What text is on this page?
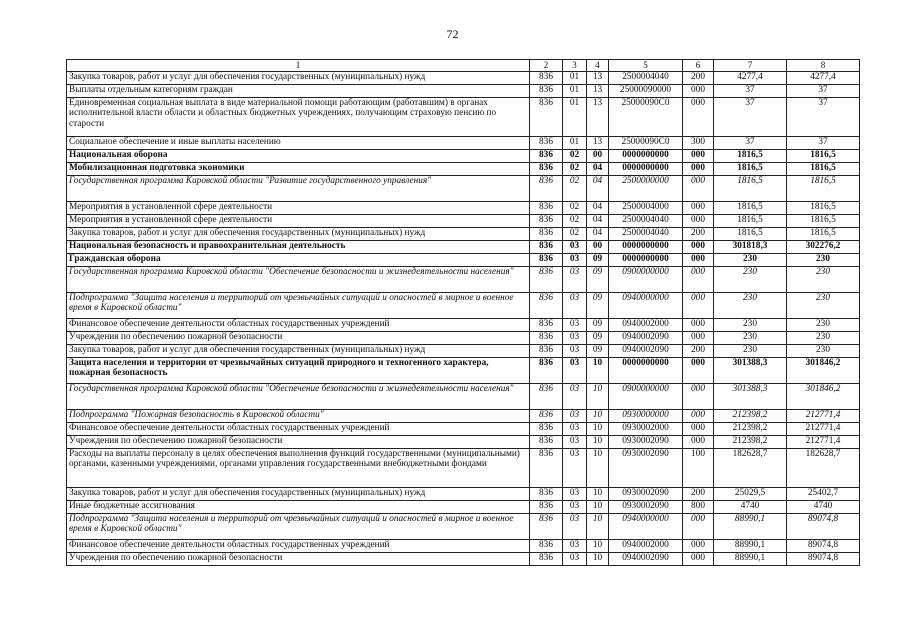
72
1	2	3	4	5	6	7	8
Закупка товаров, работ и услуг для обеспечения государственных (муниципальных) нужд	836	01	13	2500004040	200	4277,4	4277,4
Выплаты отдельным категориям граждан	836	01	13	25000090000	000	37	37
Единовременная социальная выплата в виде материальной помощи работающим (работавшим) в органах исполнительной власти области и областных бюджетных учреждениях, получающим страховую пенсию по старости	836	01	13	25000090С0	000	37	37
Социальное обеспечение и иные выплаты населению	836	01	13	25000090С0	300	37	37
Национальная оборона	836	02	00	0000000000	000	1816,5	1816,5
Мобилизационная подготовка экономики	836	02	04	0000000000	000	1816,5	1816,5
Государственная программа Кировской области "Развитие государственного управления"	836	02	04	2500000000	000	1816,5	1816,5
Мероприятия в установленной сфере деятельности	836	02	04	2500004000	000	1816,5	1816,5
Мероприятия в установленной сфере деятельности	836	02	04	2500004040	000	1816,5	1816,5
Закупка товаров, работ и услуг для обеспечения государственных (муниципальных) нужд	836	02	04	2500004040	200	1816,5	1816,5
Национальная безопасность и правоохранительная деятельность	836	03	00	0000000000	000	301818,3	302276,2
Гражданская оборона	836	03	09	0000000000	000	230	230
Государственная программа Кировской области "Обеспечение безопасности и жизнедеятельности населения"	836	03	09	0900000000	000	230	230
Подпрограмма "Защита населения и территорий от чрезвычайных ситуаций и опасностей в мирное и военное время в Кировской области"	836	03	09	0940000000	000	230	230
Финансовое обеспечение деятельности областных государственных учреждений	836	03	09	0940002000	000	230	230
Учреждения по обеспечению пожарной безопасности	836	03	09	0940002090	000	230	230
Закупка товаров, работ и услуг для обеспечения государственных (муниципальных) нужд	836	03	09	0940002090	200	230	230
Защита населения и территории от чрезвычайных ситуаций природного и техногенного характера, пожарная безопасность	836	03	10	0000000000	000	301388,3	301846,2
Государственная программа Кировской области "Обеспечение безопасности и жизнедеятельности населения"	836	03	10	0900000000	000	301388,3	301846,2
Подпрограмма "Пожарная безопасность в Кировской области"	836	03	10	0930000000	000	212398,2	212771,4
Финансовое обеспечение деятельности областных государственных учреждений	836	03	10	0930002000	000	212398,2	212771,4
Учреждения по обеспечению пожарной безопасности	836	03	10	0930002090	000	212398,2	212771,4
Расходы на выплаты персоналу в целях обеспечения выполнения функций государственными (муниципальными) органами, казенными учреждениями, органами управления государственными внебюджетными фондами	836	03	10	0930002090	100	182628,7	182628,7
Закупка товаров, работ и услуг для обеспечения государственных (муниципальных) нужд	836	03	10	0930002090	200	25029,5	25402,7
Иные бюджетные ассигнования	836	03	10	0930002090	800	4740	4740
Подпрограмма "Защита населения и территорий от чрезвычайных ситуаций и опасностей в мирное и военное время в Кировской области"	836	03	10	0940000000	000	88990,1	89074,8
Финансовое обеспечение деятельности областных государственных учреждений	836	03	10	0940002000	000	88990,1	89074,8
Учреждения по обеспечению пожарной безопасности	836	03	10	0940002090	000	88990,1	89074,8
